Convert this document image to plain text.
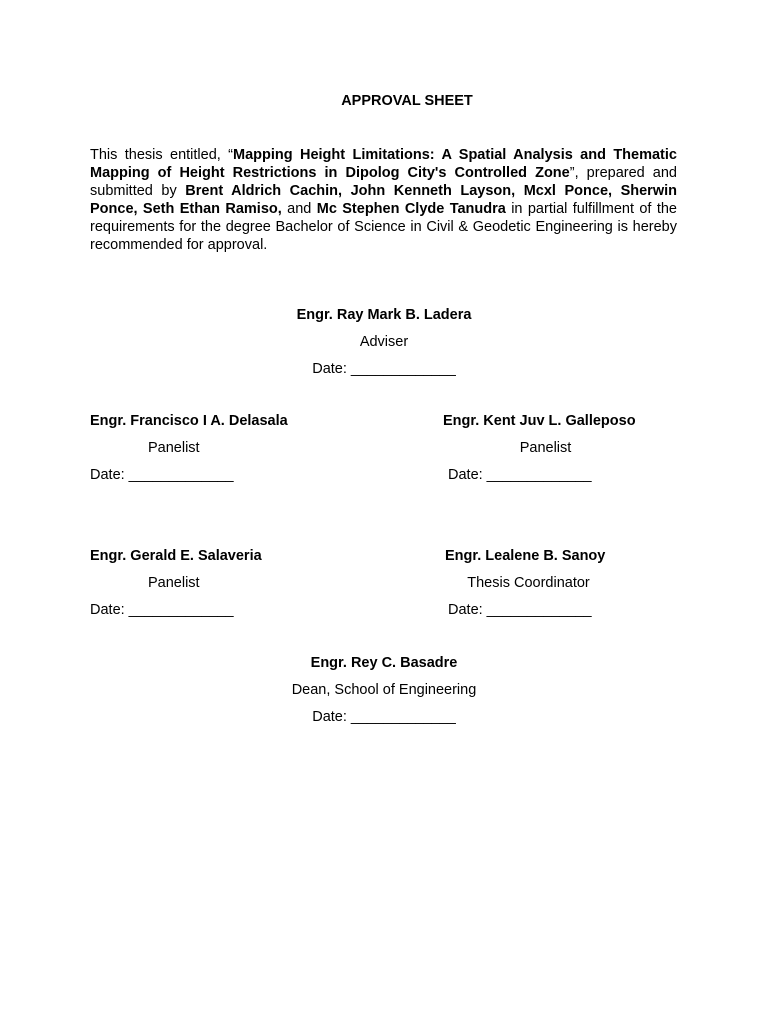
APPROVAL SHEET
This thesis entitled, “Mapping Height Limitations: A Spatial Analysis and Thematic Mapping of Height Restrictions in Dipolog City's Controlled Zone”, prepared and submitted by Brent Aldrich Cachin, John Kenneth Layson, Mcxl Ponce, Sherwin Ponce, Seth Ethan Ramiso, and Mc Stephen Clyde Tanudra in partial fulfillment of the requirements for the degree Bachelor of Science in Civil & Geodetic Engineering is hereby recommended for approval.
Engr. Ray Mark B. Ladera
Adviser
Date: _____________
Engr. Francisco I A. Delasala
Panelist
Date: _____________
Engr. Kent Juv L. Galleposo
Panelist
Date: _____________
Engr. Gerald E. Salaveria
Panelist
Date: _____________
Engr. Lealene B. Sanoy
Thesis Coordinator
Date: _____________
Engr. Rey C. Basadre
Dean, School of Engineering
Date: _____________
